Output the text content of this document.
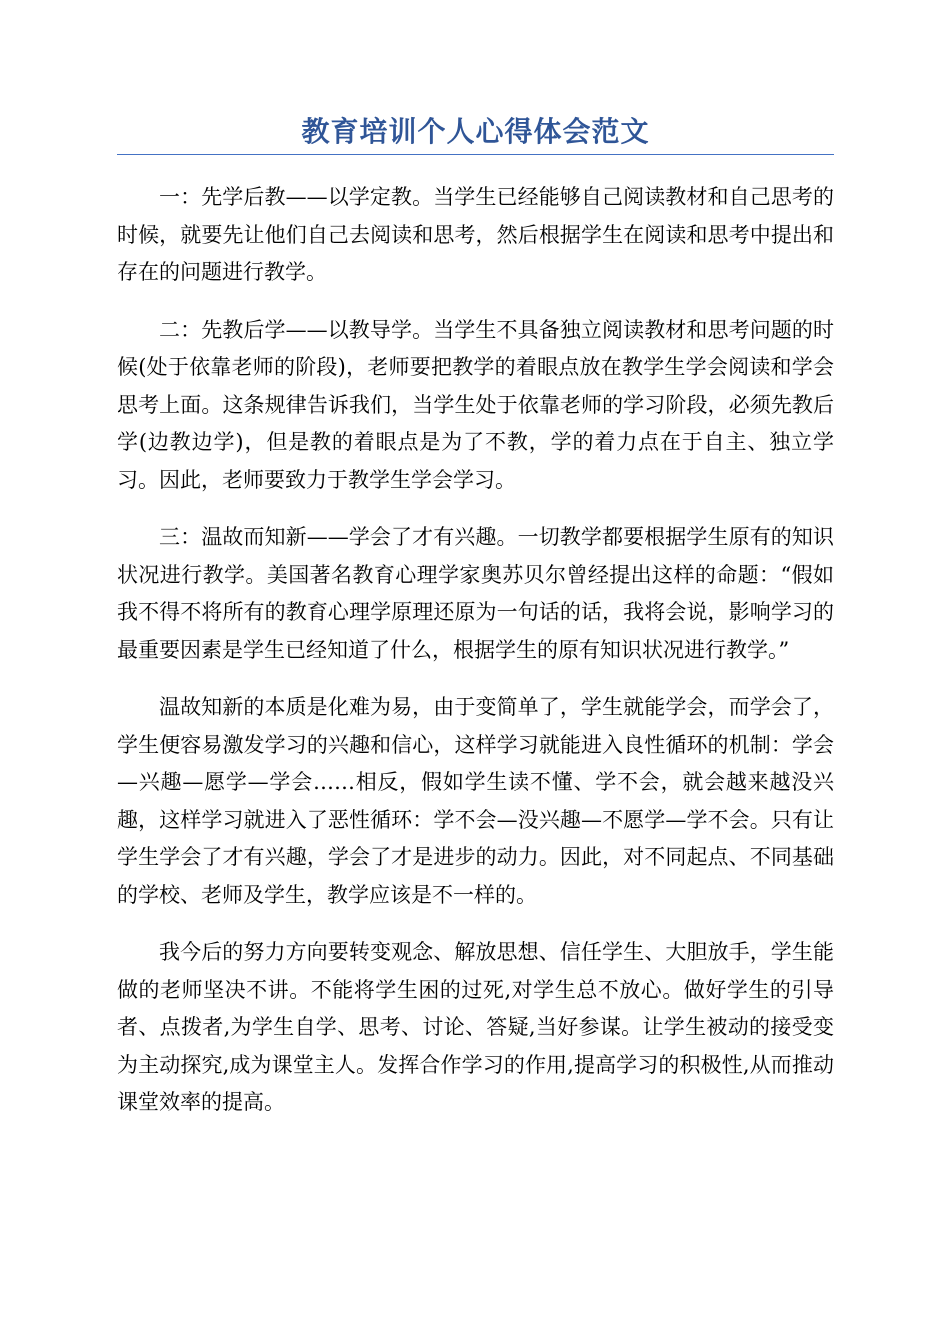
教育培训个人心得体会范文

一：先学后教——以学定教。当学生已经能够自己阅读教材和自己思考的时候，就要先让他们自己去阅读和思考，然后根据学生在阅读和思考中提出和存在的问题进行教学。

二：先教后学——以教导学。当学生不具备独立阅读教材和思考问题的时候(处于依靠老师的阶段)，老师要把教学的着眼点放在教学生学会阅读和学会思考上面。这条规律告诉我们，当学生处于依靠老师的学习阶段，必须先教后学(边教边学)，但是教的着眼点是为了不教，学的着力点在于自主、独立学习。因此，老师要致力于教学生学会学习。

三：温故而知新——学会了才有兴趣。一切教学都要根据学生原有的知识状况进行教学。美国著名教育心理学家奥苏贝尔曾经提出这样的命题：“假如我不得不将所有的教育心理学原理还原为一句话的话，我将会说，影响学习的最重要因素是学生已经知道了什么，根据学生的原有知识状况进行教学。”

温故知新的本质是化难为易，由于变简单了，学生就能学会，而学会了，学生便容易激发学习的兴趣和信心，这样学习就能进入良性循环的机制：学会—兴趣—愿学—学会……相反，假如学生读不懂、学不会，就会越来越没兴趣，这样学习就进入了恶性循环：学不会—没兴趣—不愿学—学不会。只有让学生学会了才有兴趣，学会了才是进步的动力。因此，对不同起点、不同基础的学校、老师及学生，教学应该是不一样的。

我今后的努力方向要转变观念、解放思想、信任学生、大胆放手，学生能做的老师坚决不讲。不能将学生困的过死,对学生总不放心。做好学生的引导者、点拨者,为学生自学、思考、讨论、答疑,当好参谋。让学生被动的接受变为主动探究,成为课堂主人。发挥合作学习的作用,提高学习的积极性,从而推动课堂效率的提高。
